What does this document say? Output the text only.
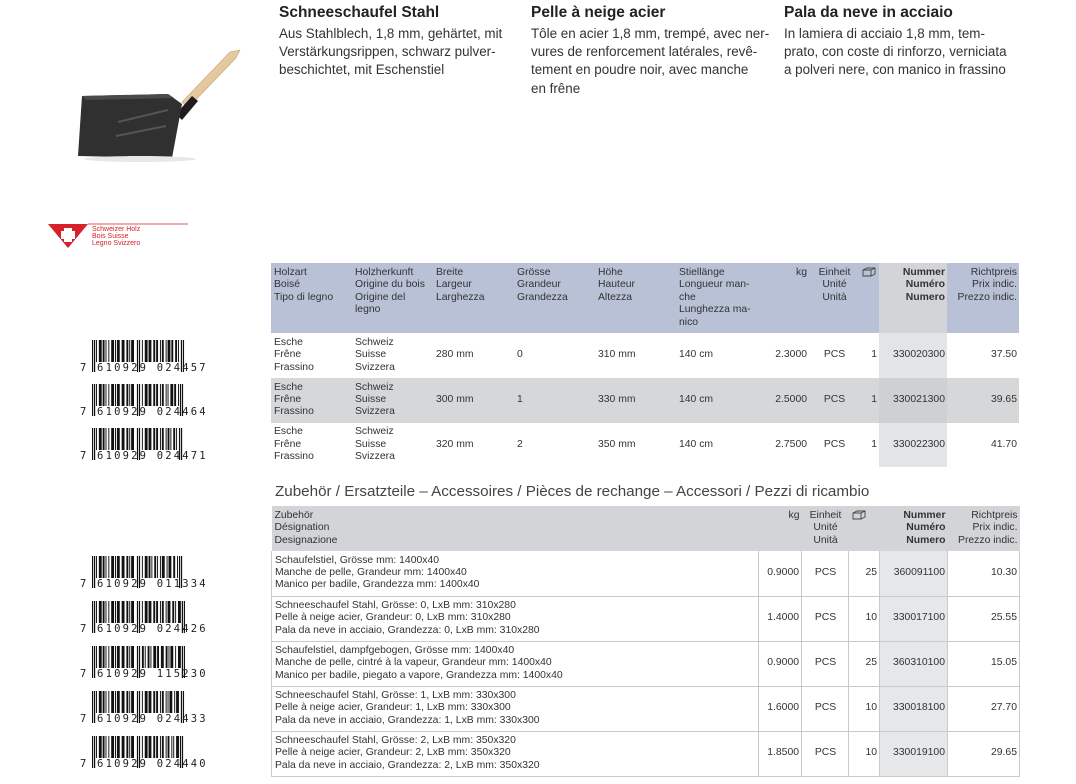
Schneeschaufel Stahl

Aus Stahlblech, 1,8 mm, gehärtet, mit
Verstärkungsrippen, schwarz pulver-
beschichtet, mit Eschenstiel

Pelle à neige acier

Tôle en acier 1,8 mm, trempé, avec ner-
vures de renforcement latérales, revê-
tement en poudre noir, avec manche
en frêne

Pala da neve in acciaio

In lamiera di acciaio 1,8 mm, tem-
prato, con coste di rinforzo, verniciata
a polveri nere, con manico in frassino

Schweizer Holz
Bois Suisse
Legno Svizzero
Holzart
Boisé
Tipo di legno	Holzherkunft
Origine du bois
Origine del
legno	Breite
Largeur
Larghezza	Grösse
Grandeur
Grandezza	Höhe
Hauteur
Altezza	Stiellänge
Longueur man-
che
Lunghezza ma-
nico	kg	Einheit
Unité
Unità		Nummer
Numéro
Numero	Richtpreis
Prix indic.
Prezzo indic.
Esche
Frêne
Frassino	Schweiz
Suisse
Svizzera	280 mm	0	310 mm	140 cm	2.3000	PCS	1	330020300	37.50
Esche
Frêne
Frassino	Schweiz
Suisse
Svizzera	300 mm	1	330 mm	140 cm	2.5000	PCS	1	330021300	39.65
Esche
Frêne
Frassino	Schweiz
Suisse
Svizzera	320 mm	2	350 mm	140 cm	2.7500	PCS	1	330022300	41.70
Zubehör / Ersatzteile – Accessoires / Pièces de rechange – Accessori / Pezzi di ricambio
Zubehör
Désignation
Designazione	kg	Einheit
Unité
Unità		Nummer
Numéro
Numero	Richtpreis
Prix indic.
Prezzo indic.
Schaufelstiel, Grösse mm: 1400x40
Manche de pelle, Grandeur mm: 1400x40
Manico per badile, Grandezza mm: 1400x40	0.9000	PCS	25	360091100	10.30
Schneeschaufel Stahl, Grösse: 0, LxB mm: 310x280
Pelle à neige acier, Grandeur: 0, LxB mm: 310x280
Pala da neve in acciaio, Grandezza: 0, LxB mm: 310x280	1.4000	PCS	10	330017100	25.55
Schaufelstiel, dampfgebogen, Grösse mm: 1400x40
Manche de pelle, cintré à la vapeur, Grandeur mm: 1400x40
Manico per badile, piegato a vapore, Grandezza mm: 1400x40	0.9000	PCS	25	360310100	15.05
Schneeschaufel Stahl, Grösse: 1, LxB mm: 330x300
Pelle à neige acier, Grandeur: 1, LxB mm: 330x300
Pala da neve in acciaio, Grandezza: 1, LxB mm: 330x300	1.6000	PCS	10	330018100	27.70
Schneeschaufel Stahl, Grösse: 2, LxB mm: 350x320
Pelle à neige acier, Grandeur: 2, LxB mm: 350x320
Pala da neve in acciaio, Grandezza: 2, LxB mm: 350x320	1.8500	PCS	10	330019100	29.65
7 610929 024457
7 610929 024464
7 610929 024471
7 610929 011334
7 610929 024426
7 610929 115230
7 610929 024433
7 610929 024440
